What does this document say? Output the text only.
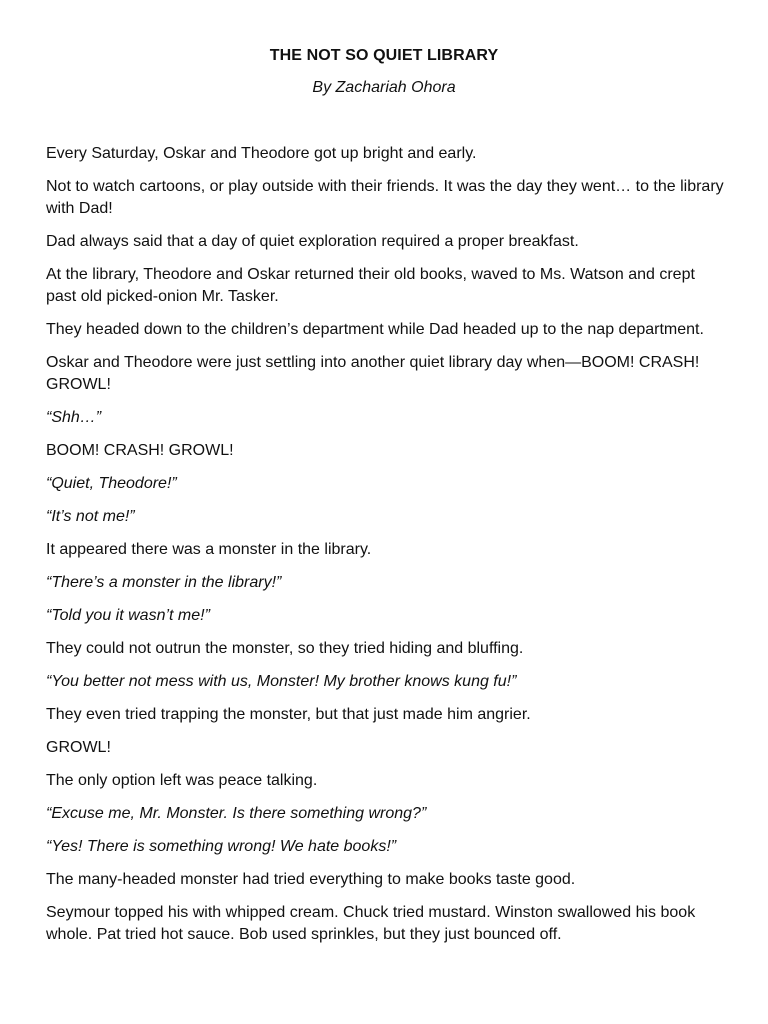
THE NOT SO QUIET LIBRARY

By Zachariah Ohora

Every Saturday, Oskar and Theodore got up bright and early.

Not to watch cartoons, or play outside with their friends. It was the day they went… to the library with Dad!

Dad always said that a day of quiet exploration required a proper breakfast.

At the library, Theodore and Oskar returned their old books, waved to Ms. Watson and crept past old picked-onion Mr. Tasker.

They headed down to the children’s department while Dad headed up to the nap department.

Oskar and Theodore were just settling into another quiet library day when—BOOM! CRASH! GROWL!

“Shh…”

BOOM! CRASH! GROWL!

“Quiet, Theodore!”

“It’s not me!”

It appeared there was a monster in the library.

“There’s a monster in the library!”

“Told you it wasn’t me!”

They could not outrun the monster, so they tried hiding and bluffing.

“You better not mess with us, Monster! My brother knows kung fu!”

They even tried trapping the monster, but that just made him angrier.

GROWL!

The only option left was peace talking.

“Excuse me, Mr. Monster. Is there something wrong?”

“Yes! There is something wrong! We hate books!”

The many-headed monster had tried everything to make books taste good.

Seymour topped his with whipped cream. Chuck tried mustard. Winston swallowed his book whole. Pat tried hot sauce. Bob used sprinkles, but they just bounced off.
